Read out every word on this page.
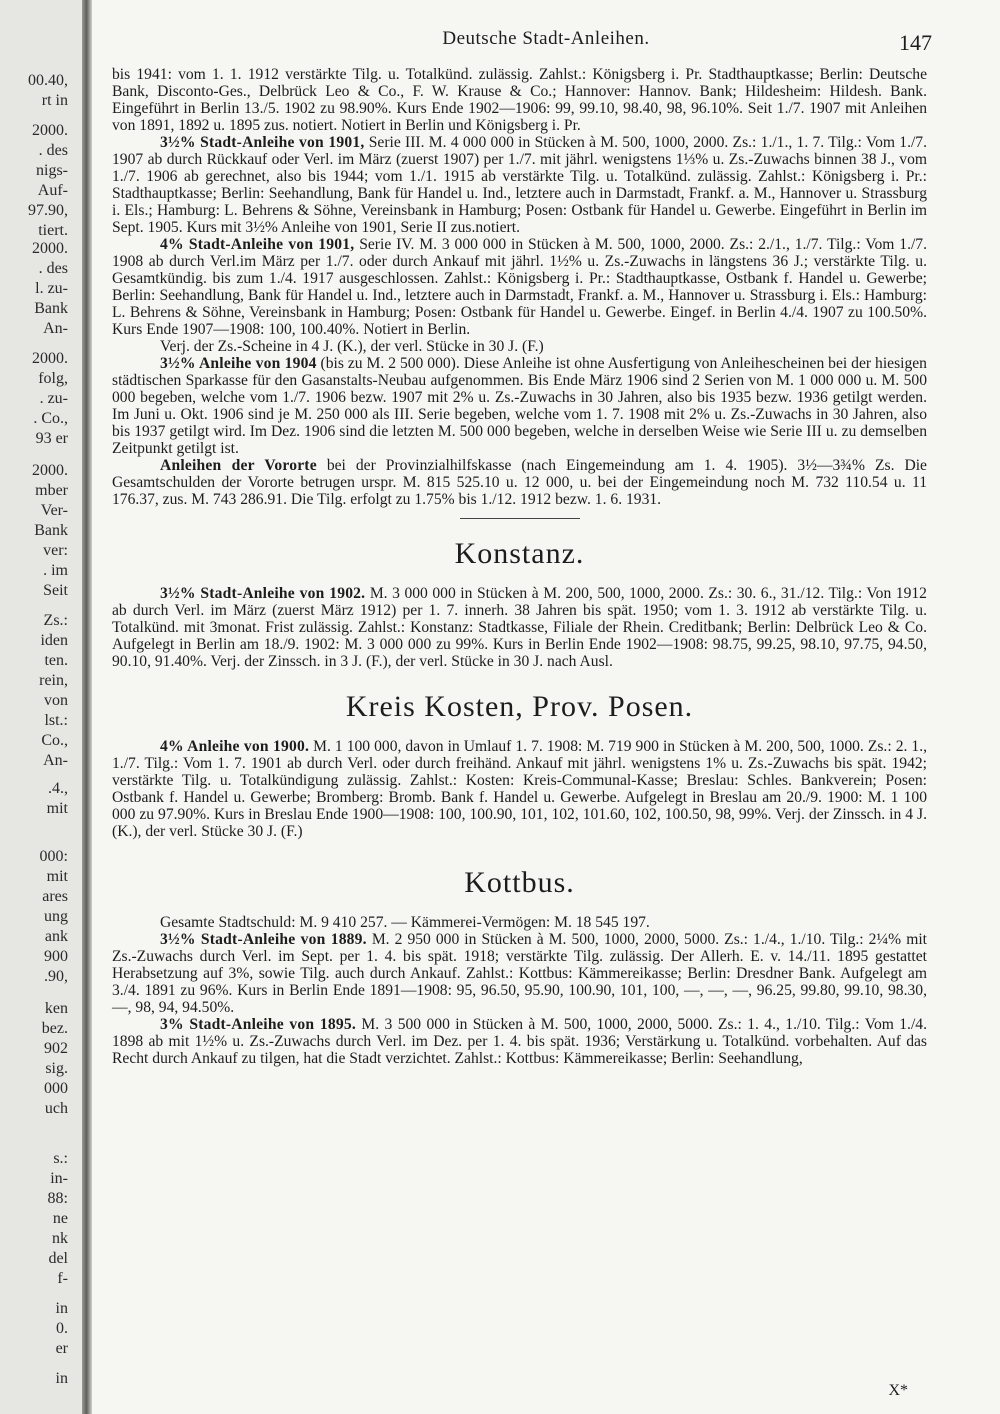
00.40,
rt in
2000.
. des
nigs-
Auf-
97.90,
tiert.
2000.
. des
l. zu-
Bank
An-
2000.
folg,
. zu-
. Co.,
93 er
2000.
mber
Ver-
Bank
ver:
. im
Seit
Zs.:
iden
ten.
rein,
von
lst.:
Co.,
An-
.4.,
mit
000:
mit
ares
ung
ank
900
.90,
ken
bez.
902
sig.
000
uch
s.:
in-
88:
ne
nk
del
f-
in
0.
er
in
Deutsche Stadt-Anleihen.	147

bis 1941: vom 1. 1. 1912 verstärkte Tilg. u. Totalkünd. zulässig. Zahlst.: Königsberg i. Pr. Stadthauptkasse; Berlin: Deutsche Bank, Disconto-Ges., Delbrück Leo & Co., F. W. Krause & Co.; Hannover: Hannov. Bank; Hildesheim: Hildesh. Bank. Eingeführt in Berlin 13./5. 1902 zu 98.90%. Kurs Ende 1902—1906: 99, 99.10, 98.40, 98, 96.10%. Seit 1./7. 1907 mit Anleihen von 1891, 1892 u. 1895 zus. notiert. Notiert in Berlin und Königsberg i. Pr.

3½% Stadt-Anleihe von 1901, Serie III. M. 4 000 000 in Stücken à M. 500, 1000, 2000. Zs.: 1./1., 1. 7. Tilg.: Vom 1./7. 1907 ab durch Rückkauf oder Verl. im März (zuerst 1907) per 1./7. mit jährl. wenigstens 1⅓% u. Zs.-Zuwachs binnen 38 J., vom 1./7. 1906 ab gerechnet, also bis 1944; vom 1./1. 1915 ab verstärkte Tilg. u. Totalkünd. zulässig. Zahlst.: Königsberg i. Pr.: Stadthauptkasse; Berlin: Seehandlung, Bank für Handel u. Ind., letztere auch in Darmstadt, Frankf. a. M., Hannover u. Strassburg i. Els.; Hamburg: L. Behrens & Söhne, Vereinsbank in Hamburg; Posen: Ostbank für Handel u. Gewerbe. Eingeführt in Berlin im Sept. 1905. Kurs mit 3½% Anleihe von 1901, Serie II zus.notiert.

4% Stadt-Anleihe von 1901, Serie IV. M. 3 000 000 in Stücken à M. 500, 1000, 2000. Zs.: 2./1., 1./7. Tilg.: Vom 1./7. 1908 ab durch Verl.im März per 1./7. oder durch Ankauf mit jährl. 1½% u. Zs.-Zuwachs in längstens 36 J.; verstärkte Tilg. u. Gesamtkündig. bis zum 1./4. 1917 ausgeschlossen. Zahlst.: Königsberg i. Pr.: Stadthauptkasse, Ostbank f. Handel u. Gewerbe; Berlin: Seehandlung, Bank für Handel u. Ind., letztere auch in Darmstadt, Frankf. a. M., Hannover u. Strassburg i. Els.: Hamburg: L. Behrens & Söhne, Vereinsbank in Hamburg; Posen: Ostbank für Handel u. Gewerbe. Eingef. in Berlin 4./4. 1907 zu 100.50%. Kurs Ende 1907—1908: 100, 100.40%. Notiert in Berlin.

Verj. der Zs.-Scheine in 4 J. (K.), der verl. Stücke in 30 J. (F.)

3½% Anleihe von 1904 (bis zu M. 2 500 000). Diese Anleihe ist ohne Ausfertigung von Anleihescheinen bei der hiesigen städtischen Sparkasse für den Gasanstalts-Neubau aufgenommen. Bis Ende März 1906 sind 2 Serien von M. 1 000 000 u. M. 500 000 begeben, welche vom 1./7. 1906 bezw. 1907 mit 2% u. Zs.-Zuwachs in 30 Jahren, also bis 1935 bezw. 1936 getilgt werden. Im Juni u. Okt. 1906 sind je M. 250 000 als III. Serie begeben, welche vom 1. 7. 1908 mit 2% u. Zs.-Zuwachs in 30 Jahren, also bis 1937 getilgt wird. Im Dez. 1906 sind die letzten M. 500 000 begeben, welche in derselben Weise wie Serie III u. zu demselben Zeitpunkt getilgt ist.

Anleihen der Vororte bei der Provinzialhilfskasse (nach Eingemeindung am 1. 4. 1905). 3½—3¾% Zs. Die Gesamtschulden der Vororte betrugen urspr. M. 815 525.10 u. 12 000, u. bei der Eingemeindung noch M. 732 110.54 u. 11 176.37, zus. M. 743 286.91. Die Tilg. erfolgt zu 1.75% bis 1./12. 1912 bezw. 1. 6. 1931.

Konstanz.

3½% Stadt-Anleihe von 1902. M. 3 000 000 in Stücken à M. 200, 500, 1000, 2000. Zs.: 30. 6., 31./12. Tilg.: Von 1912 ab durch Verl. im März (zuerst März 1912) per 1. 7. innerh. 38 Jahren bis spät. 1950; vom 1. 3. 1912 ab verstärkte Tilg. u. Totalkünd. mit 3monat. Frist zulässig. Zahlst.: Konstanz: Stadtkasse, Filiale der Rhein. Creditbank; Berlin: Delbrück Leo & Co. Aufgelegt in Berlin am 18./9. 1902: M. 3 000 000 zu 99%. Kurs in Berlin Ende 1902—1908: 98.75, 99.25, 98.10, 97.75, 94.50, 90.10, 91.40%. Verj. der Zinssch. in 3 J. (F.), der verl. Stücke in 30 J. nach Ausl.

Kreis Kosten, Prov. Posen.

4% Anleihe von 1900. M. 1 100 000, davon in Umlauf 1. 7. 1908: M. 719 900 in Stücken à M. 200, 500, 1000. Zs.: 2. 1., 1./7. Tilg.: Vom 1. 7. 1901 ab durch Verl. oder durch freihänd. Ankauf mit jährl. wenigstens 1% u. Zs.-Zuwachs bis spät. 1942; verstärkte Tilg. u. Totalkündigung zulässig. Zahlst.: Kosten: Kreis-Communal-Kasse; Breslau: Schles. Bankverein; Posen: Ostbank f. Handel u. Gewerbe; Bromberg: Bromb. Bank f. Handel u. Gewerbe. Aufgelegt in Breslau am 20./9. 1900: M. 1 100 000 zu 97.90%. Kurs in Breslau Ende 1900—1908: 100, 100.90, 101, 102, 101.60, 102, 100.50, 98, 99%. Verj. der Zinssch. in 4 J. (K.), der verl. Stücke 30 J. (F.)

Kottbus.

Gesamte Stadtschuld: M. 9 410 257. — Kämmerei-Vermögen: M. 18 545 197.

3½% Stadt-Anleihe von 1889. M. 2 950 000 in Stücken à M. 500, 1000, 2000, 5000. Zs.: 1./4., 1./10. Tilg.: 2¼% mit Zs.-Zuwachs durch Verl. im Sept. per 1. 4. bis spät. 1918; verstärkte Tilg. zulässig. Der Allerh. E. v. 14./11. 1895 gestattet Herabsetzung auf 3%, sowie Tilg. auch durch Ankauf. Zahlst.: Kottbus: Kämmereikasse; Berlin: Dresdner Bank. Aufgelegt am 3./4. 1891 zu 96%. Kurs in Berlin Ende 1891—1908: 95, 96.50, 95.90, 100.90, 101, 100, —, —, —, 96.25, 99.80, 99.10, 98.30, —, 98, 94, 94.50%.

3% Stadt-Anleihe von 1895. M. 3 500 000 in Stücken à M. 500, 1000, 2000, 5000. Zs.: 1. 4., 1./10. Tilg.: Vom 1./4. 1898 ab mit 1½% u. Zs.-Zuwachs durch Verl. im Dez. per 1. 4. bis spät. 1936; Verstärkung u. Totalkünd. vorbehalten. Auf das Recht durch Ankauf zu tilgen, hat die Stadt verzichtet. Zahlst.: Kottbus: Kämmereikasse; Berlin: Seehandlung,

X*
